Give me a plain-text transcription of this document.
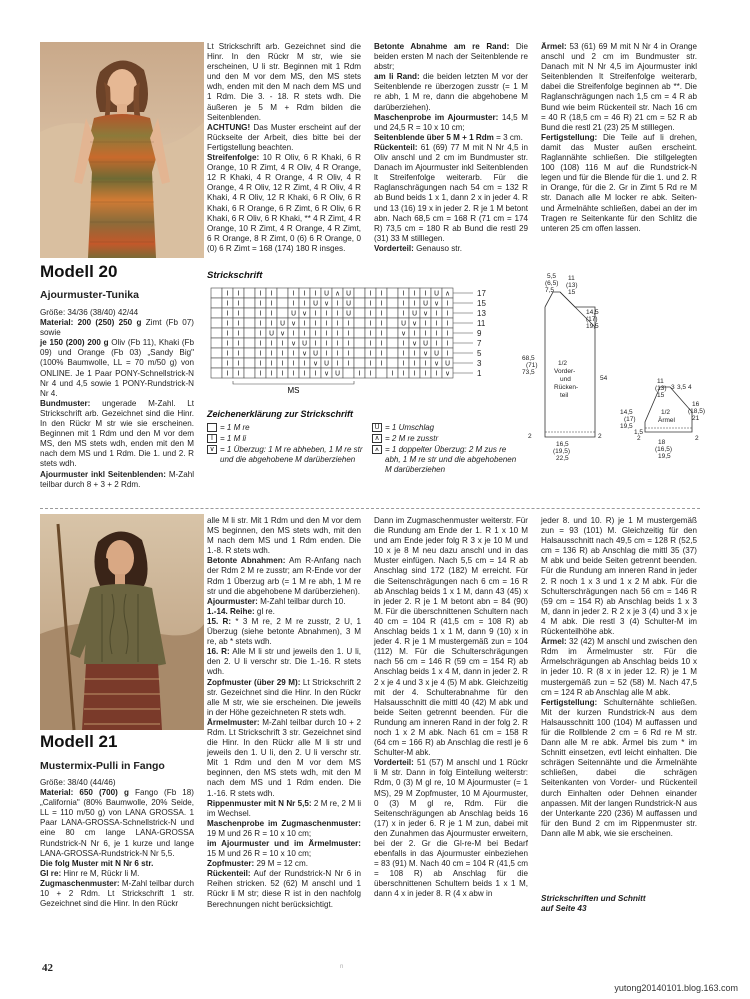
Modell 20
Ajourmuster-Tunika

Größe: 34/36 (38/40) 42/44

Material: 200 (250) 250 g Zimt (Fb 07) sowie

je 150 (200) 200 g Oliv (Fb 11), Khaki (Fb 09) und Orange (Fb 03) „Sandy Big" (100% Baumwolle, LL = 70 m/50 g) von ONLINE. Je 1 Paar PONY-Schnellstrick-N Nr 4 und 4,5 sowie 1 PONY-Rundstrick-N Nr 4.

Bundmuster: ungerade M-Zahl. Lt Strickschrift arb. Gezeichnet sind die Hinr. In den Rückr M str wie sie erscheinen. Beginnen mit 1 Rdm und den M vor dem MS, den MS stets wdh, enden mit den M nach dem MS und 1 Rdm. Die 1. und 2. R stets wdh.

Ajourmuster inkl Seitenblenden: M-Zahl teilbar durch 8 + 3 + 2 Rdm.

Lt Strickschrift arb. Gezeichnet sind die Hinr. In den Rückr M str, wie sie erscheinen, U li str. Beginnen mit 1 Rdm und den M vor dem MS, den MS stets wdh, enden mit den M nach dem MS und 1 Rdm. Die 3. - 18. R stets wdh. Die äußeren je 5 M + Rdm bilden die Seitenblenden.

ACHTUNG! Das Muster erscheint auf der Rückseite der Arbeit, dies bitte bei der Fertigstellung beachten.

Streifenfolge: 10 R Oliv, 6 R Khaki, 6 R Orange, 10 R Zimt, 4 R Oliv, 4 R Orange, 12 R Khaki, 4 R Orange, 4 R Oliv, 4 R Orange, 4 R Oliv, 12 R Zimt, 4 R Oliv, 4 R Khaki, 4 R Oliv, 12 R Khaki, 6 R Oliv, 6 R Khaki, 6 R Orange, 6 R Zimt, 6 R Oliv, 6 R Khaki, 6 R Oliv, 6 R Khaki, ** 4 R Zimt, 4 R Orange, 10 R Zimt, 4 R Orange, 4 R Zimt, 6 R Orange, 8 R Zimt, 0 (6) 6 R Orange, 0 (0) 6 R Zimt = 168 (174) 180 R insges.

Betonte Abnahme am re Rand: Die beiden ersten M nach der Seitenblende re abstr;

am li Rand: die beiden letzten M vor der Seitenblende re überzogen zusstr (= 1 M re abh, 1 M re, dann die abgehobene M darüberziehen).

Maschenprobe im Ajourmuster: 14,5 M und 24,5 R = 10 x 10 cm;

Seitenblende über 5 M + 1 Rdm = 3 cm.

Rückenteil: 61 (69) 77 M mit N Nr 4,5 in Oliv anschl und 2 cm im Bundmuster str. Danach im Ajourmuster inkl Seitenblenden lt Streifenfolge weiterarb. Für die Raglanschrägungen nach 54 cm = 132 R ab Bund beids 1 x 1, dann 2 x in jeder 4. R und 13 (16) 19 x in jeder 2. R je 1 M betont abn. Nach 68,5 cm = 168 R (71 cm = 174 R) 73,5 cm = 180 R ab Bund die restl 29 (31) 33 M stilllegen.

Vorderteil: Genauso str.

Ärmel: 53 (61) 69 M mit N Nr 4 in Orange anschl und 2 cm im Bundmuster str. Danach mit N Nr 4,5 im Ajourmuster inkl Seitenblenden lt Streifenfolge weiterarb, dabei die Streifenfolge beginnen ab **. Die Raglanschrägungen nach 1,5 cm = 4 R ab Bund wie beim Rückenteil str. Nach 16 cm = 40 R (18,5 cm = 46 R) 21 cm = 52 R ab Bund die restl 21 (23) 25 M stilllegen.

Fertigstellung: Die Teile auf li drehen, damit das Muster außen erscheint. Raglannähte schließen. Die stillgelegten 100 (108) 116 M auf die Rundstrick-N legen und für die Blende für die 1. und 2. R in Orange, für die 2. Gr in Zimt 5 Rd re M str. Danach alle M locker re abk. Seiten- und Ärmelnähte schließen, dabei an der im Tragen re Seitenkante für den Schlitz die unteren 25 cm offen lassen.

Strickschrift
I I	I I	I I I U ∧ U	I I	I I I U ∧
I I	I I	I I U ∨ I U	I I	I I U ∨ I
I I	I I	U ∨ I I I U	I I	I U ∨ I I
I I	I I U ∨ I I I I I	I I	U ∨ I I I
I I	I U ∨ I I I I I I	I I	∨ I I I I
I I	I I I ∨ U I I I I	I I	I ∨ U I I
I I	I I I I ∨ U I I I	I I	I I ∨ U I
I I	I I I I I ∨ U I I	I I	I I I ∨ U
I I	I I I I I I ∨ U	I I	I I I I I ∨
17
15
13
11
9
7
5
3
1
MS
Zeichenerklärung zur Strickschrift
= 1 M re
I = 1 M li
∨ = 1 Überzug: 1 M re abheben, 1 M re str und die abgehobene M darüberziehen
U = 1 Umschlag
∧ = 2 M re zusstr
⩚ = 1 doppelter Überzug: 2 M zus re abh, 1 M re str und die abgehobenen M darüberziehen
5,5
(6,5)
7,5
11
(13)
15
14,5
(17)
19,5
68,5
(71)
73,5
54
1/2
Vorder-
und
Rücken-
teil
16,5
(19,5)
22,5
2	2
11
(13)
15
3 3,5 4
14,5
(17)
19,5
1/2
Ärmel
16
(18,5)
21
1,5
18
(16,5)
19,5
2	2
Modell 21
Mustermix-Pulli in Fango

Größe: 38/40 (44/46)

Material: 650 (700) g Fango (Fb 18) „California" (80% Baumwolle, 20% Seide, LL = 110 m/50 g) von LANA GROSSA. 1 Paar LANA-GROSSA-Schnellstrick-N und eine 80 cm lange LANA-GROSSA Rundstrick-N Nr 6, je 1 kurze und lange LANA-GROSSA-Rundstrick-N Nr 5,5.

Die folg Muster mit N Nr 6 str.

Gl re: Hinr re M, Rückr li M.

Zugmaschenmuster: M-Zahl teilbar durch 10 + 2 Rdm. Lt Strickschrift 1 str. Gezeichnet sind die Hinr. In den Rückr

alle M li str. Mit 1 Rdm und den M vor dem MS beginnen, den MS stets wdh, mit den M nach dem MS und 1 Rdm enden. Die 1.-8. R stets wdh.

Betonte Abnahmen: Am R-Anfang nach der Rdm 2 M re zusstr; am R-Ende vor der Rdm 1 Überzug arb (= 1 M re abh, 1 M re str und die abgehobene M darüberziehen).

Ajourmuster: M-Zahl teilbar durch 10.

1.-14. Reihe: gl re.

15. R: * 3 M re, 2 M re zusstr, 2 U, 1 Überzug (siehe betonte Abnahmen), 3 M re, ab * stets wdh.

16. R: Alle M li str und jeweils den 1. U li, den 2. U li verschr str. Die 1.-16. R stets wdh.

Zopfmuster (über 29 M): Lt Strickschrift 2 str. Gezeichnet sind die Hinr. In den Rückr alle M str, wie sie erscheinen. Die jeweils in der Höhe gezeichneten R stets wdh.

Ärmelmuster: M-Zahl teilbar durch 10 + 2 Rdm. Lt Strickschrift 3 str. Gezeichnet sind die Hinr. In den Rückr alle M li str und jeweils den 1. U li, den 2. U li verschr str. Mit 1 Rdm und den M vor dem MS beginnen, den MS stets wdh, mit den M nach dem MS und 1 Rdm enden. Die 1.-16. R stets wdh.

Rippenmuster mit N Nr 5,5: 2 M re, 2 M li im Wechsel.

Maschenprobe im Zugmaschenmuster: 19 M und 26 R = 10 x 10 cm;

im Ajourmuster und im Ärmelmuster: 15 M und 26 R = 10 x 10 cm;

Zopfmuster: 29 M = 12 cm.

Rückenteil: Auf der Rundstrick-N Nr 6 in Reihen stricken. 52 (62) M anschl und 1 Rückr li M str; diese R ist in den nachfolg Berechnungen nicht berücksichtigt.

Dann im Zugmaschenmuster weiterstr. Für die Rundung am Ende der 1. R 1 x 10 M und am Ende jeder folg R 3 x je 10 M und 10 x je 8 M neu dazu anschl und in das Muster einfügen. Nach 5,5 cm = 14 R ab Anschlag sind 172 (182) M erreicht. Für die Seitenschrägungen nach 6 cm = 16 R ab Anschlag beids 1 x 1 M, dann 43 (45) x in jeder 2. R je 1 M betont abn = 84 (90) M. Für die überschnittenen Schultern nach 40 cm = 104 R (41,5 cm = 108 R) ab Anschlag beids 1 x 1 M, dann 9 (10) x in jeder 4. R je 1 M mustergemäß zun = 104 (112) M. Für die Schulterschrägungen nach 56 cm = 146 R (59 cm = 154 R) ab Anschlag beids 1 x 4 M, dann in jeder 2. R 2 x je 4 und 3 x je 4 (5) M abk. Gleichzeitig mit der 4. Schulterabnahme für den Halsausschnitt die mittl 40 (42) M abk und beide Seiten getrennt beenden. Für die Rundung am inneren Rand in der folg 2. R noch 1 x 2 M abk. Nach 61 cm = 158 R (64 cm = 166 R) ab Anschlag die restl je 6 Schulter-M abk.

Vorderteil: 51 (57) M anschl und 1 Rückr li M str. Dann in folg Einteilung weiterstr: Rdm, 0 (3) M gl re, 10 M Ajourmuster (= 1 MS), 29 M Zopfmuster, 10 M Ajourmuster, 0 (3) M gl re, Rdm. Für die Seitenschrägungen ab Anschlag beids 16 (17) x in jeder 6. R je 1 M zun, dabei mit den Zunahmen das Ajourmuster erweitern, bei der 2. Gr die Gl-re-M bei Bedarf ebenfalls in das Ajourmuster einbeziehen = 83 (91) M. Nach 40 cm = 104 R (41,5 cm = 108 R) ab Anschlag für die überschnittenen Schultern beids 1 x 1 M, dann 4 x in jeder 8. R (4 x abw in

jeder 8. und 10. R) je 1 M mustergemäß zun = 93 (101) M. Gleichzeitig für den Halsausschnitt nach 49,5 cm = 128 R (52,5 cm = 136 R) ab Anschlag die mittl 35 (37) M abk und beide Seiten getrennt beenden. Für die Rundung am inneren Rand in jeder 2. R noch 1 x 3 und 1 x 2 M abk. Für die Schulterschrägungen nach 56 cm = 146 R (59 cm = 154 R) ab Anschlag beids 1 x 3 M, dann in jeder 2. R 2 x je 3 (4) und 3 x je 4 M abk. Die restl 3 (4) Schulter-M im Rückenteilhöhe abk.

Ärmel: 32 (42) M anschl und zwischen den Rdm im Ärmelmuster str. Für die Ärmelschrägungen ab Anschlag beids 10 x in jeder 10. R (8 x in jeder 12. R) je 1 M mustergemäß zun = 52 (58) M. Nach 47,5 cm = 124 R ab Anschlag alle M abk.

Fertigstellung: Schulternähte schließen. Mit der kurzen Rundstrick-N aus dem Halsausschnitt 100 (104) M auffassen und für die Rollblende 2 cm = 6 Rd re M str. Dann alle M re abk. Ärmel bis zum * im Schnitt einsetzen, evtl leicht einhalten. Die schrägen Seitennähte und die Ärmelnähte schließen, dabei die schrägen Seitenkanten von Vorder- und Rückenteil durch Einhalten oder Dehnen einander anpassen. Mit der langen Rundstrick-N aus der Unterkante 220 (236) M auffassen und für den Bund 2 cm im Rippenmuster str. Dann alle M abk, wie sie erscheinen.

Strickschriften und Schnitt
auf Seite 43
42	n
yutong20140101.blog.163.com
